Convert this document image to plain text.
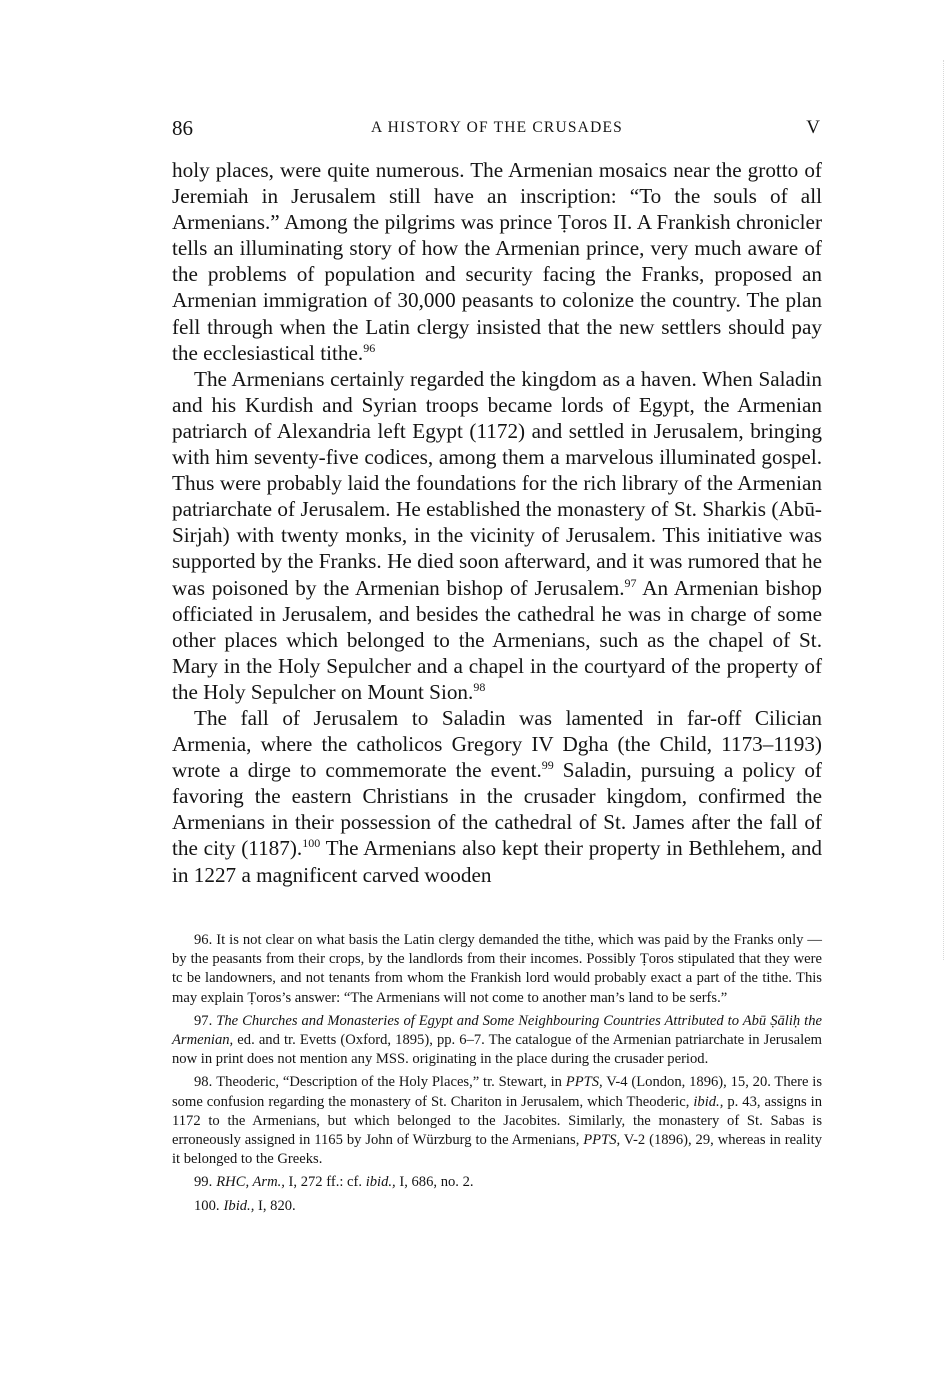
86	A HISTORY OF THE CRUSADES	V

holy places, were quite numerous. The Armenian mosaics near the grotto of Jeremiah in Jerusalem still have an inscription: “To the souls of all Armenians.” Among the pilgrims was prince Ṭoros II. A Frankish chronicler tells an illuminating story of how the Armenian prince, very much aware of the problems of population and security facing the Franks, proposed an Armenian immigration of 30,000 peasants to colonize the country. The plan fell through when the Latin clergy insisted that the new settlers should pay the ecclesiastical tithe.$^{96}$

The Armenians certainly regarded the kingdom as a haven. When Saladin and his Kurdish and Syrian troops became lords of Egypt, the Armenian patriarch of Alexandria left Egypt (1172) and settled in Jerusalem, bringing with him seventy-five codices, among them a marvelous illuminated gospel. Thus were probably laid the foundations for the rich library of the Armenian patriarchate of Jerusalem. He established the monastery of St. Sharkis (Abū-Sirjah) with twenty monks, in the vicinity of Jerusalem. This initiative was supported by the Franks. He died soon afterward, and it was rumored that he was poisoned by the Armenian bishop of Jerusalem.$^{97}$ An Armenian bishop officiated in Jerusalem, and besides the cathedral he was in charge of some other places which belonged to the Armenians, such as the chapel of St. Mary in the Holy Sepulcher and a chapel in the courtyard of the property of the Holy Sepulcher on Mount Sion.$^{98}$

The fall of Jerusalem to Saladin was lamented in far-off Cilician Armenia, where the catholicos Gregory IV Dgha (the Child, 1173–1193) wrote a dirge to commemorate the event.$^{99}$ Saladin, pursuing a policy of favoring the eastern Christians in the crusader kingdom, confirmed the Armenians in their possession of the cathedral of St. James after the fall of the city (1187).$^{100}$ The Armenians also kept their property in Bethlehem, and in 1227 a magnificent carved wooden

96. It is not clear on what basis the Latin clergy demanded the tithe, which was paid by the Franks only — by the peasants from their crops, by the landlords from their incomes. Possibly Ṭoros stipulated that they were tc be landowners, and not tenants from whom the Frankish lord would probably exact a part of the tithe. This may explain Ṭoros’s answer: “The Armenians will not come to another man’s land to be serfs.”

97. The Churches and Monasteries of Egypt and Some Neighbouring Countries Attributed to Abū Ṣāliḥ the Armenian, ed. and tr. Evetts (Oxford, 1895), pp. 6–7. The catalogue of the Armenian patriarchate in Jerusalem now in print does not mention any MSS. originating in the place during the crusader period.

98. Theoderic, “Description of the Holy Places,” tr. Stewart, in PPTS, V-4 (London, 1896), 15, 20. There is some confusion regarding the monastery of St. Chariton in Jerusalem, which Theoderic, ibid., p. 43, assigns in 1172 to the Armenians, but which belonged to the Jacobites. Similarly, the monastery of St. Sabas is erroneously assigned in 1165 by John of Würzburg to the Armenians, PPTS, V-2 (1896), 29, whereas in reality it belonged to the Greeks.

99. RHC, Arm., I, 272 ff.: cf. ibid., I, 686, no. 2.

100. Ibid., I, 820.
